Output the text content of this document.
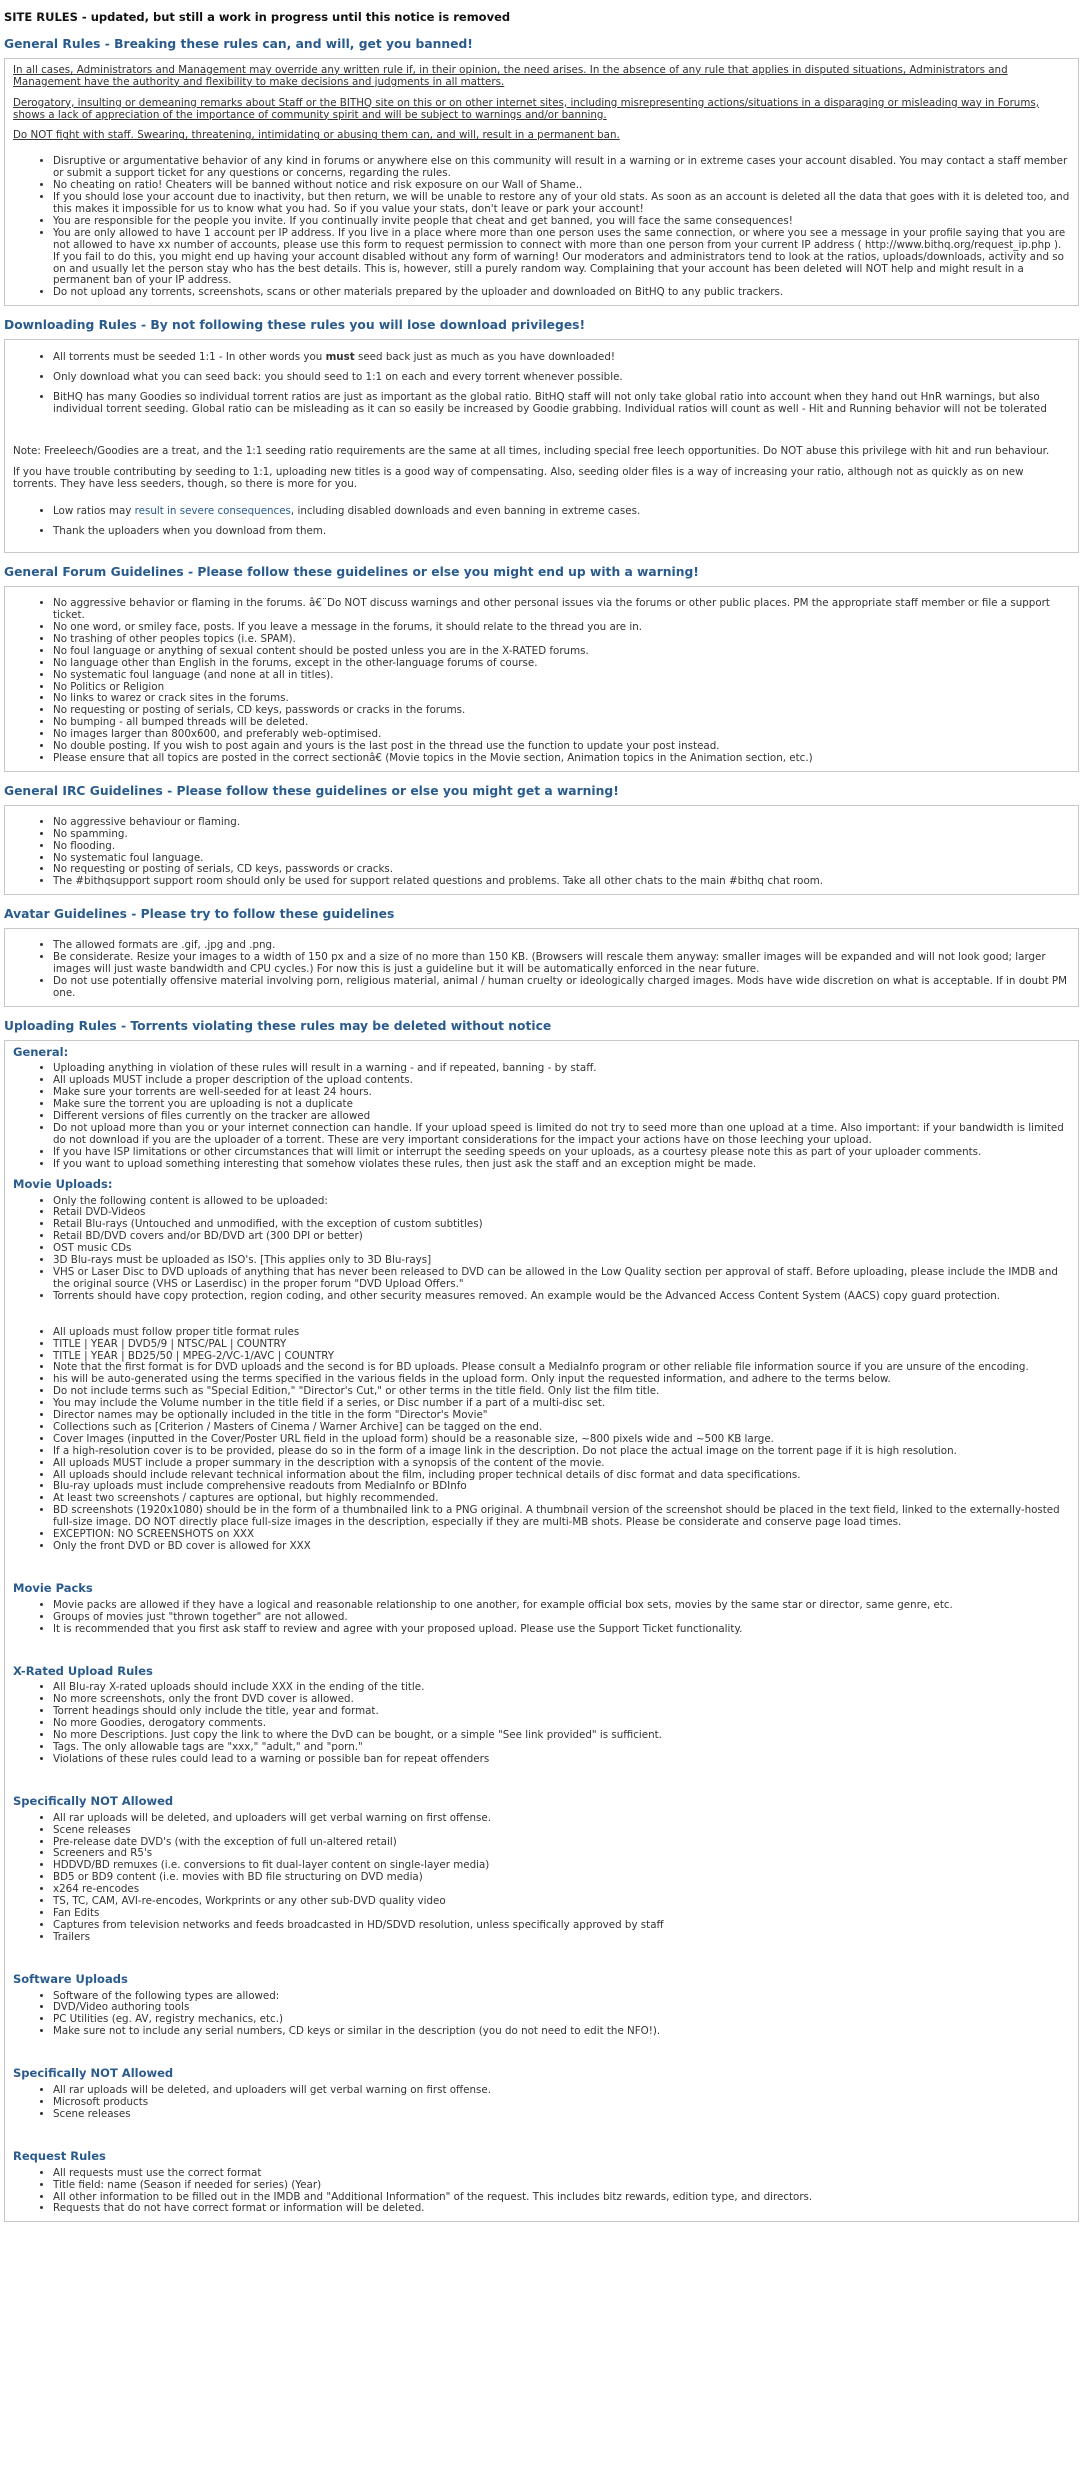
SITE RULES - updated, but still a work in progress until this notice is removed
General Rules - Breaking these rules can, and will, get you banned!

In all cases, Administrators and Management may override any written rule if, in their opinion, the need arises. In the absence of any rule that applies in disputed situations, Administrators and Management have the authority and flexibility to make decisions and judgments in all matters.

Derogatory, insulting or demeaning remarks about Staff or the BITHQ site on this or on other internet sites, including misrepresenting actions/situations in a disparaging or misleading way in Forums, shows a lack of appreciation of the importance of community spirit and will be subject to warnings and/or banning.

Do NOT fight with staff. Swearing, threatening, intimidating or abusing them can, and will, result in a permanent ban.

• Disruptive or argumentative behavior of any kind in forums or anywhere else on this community will result in a warning or in extreme cases your account disabled. You may contact a staff member or submit a support ticket for any questions or concerns, regarding the rules.
• No cheating on ratio! Cheaters will be banned without notice and risk exposure on our Wall of Shame..
• If you should lose your account due to inactivity, but then return, we will be unable to restore any of your old stats. As soon as an account is deleted all the data that goes with it is deleted too, and this makes it impossible for us to know what you had. So if you value your stats, don't leave or park your account!
• You are responsible for the people you invite. If you continually invite people that cheat and get banned, you will face the same consequences!
• You are only allowed to have 1 account per IP address. If you live in a place where more than one person uses the same connection, or where you see a message in your profile saying that you are not allowed to have xx number of accounts, please use this form to request permission to connect with more than one person from your current IP address ( http://www.bithq.org/request_ip.php ). If you fail to do this, you might end up having your account disabled without any form of warning! Our moderators and administrators tend to look at the ratios, uploads/downloads, activity and so on and usually let the person stay who has the best details. This is, however, still a purely random way. Complaining that your account has been deleted will NOT help and might result in a permanent ban of your IP address.
• Do not upload any torrents, screenshots, scans or other materials prepared by the uploader and downloaded on BitHQ to any public trackers.
Downloading Rules - By not following these rules you will lose download privileges!
• All torrents must be seeded 1:1 - In other words you must seed back just as much as you have downloaded!
• Only download what you can seed back: you should seed to 1:1 on each and every torrent whenever possible.
• BitHQ has many Goodies so individual torrent ratios are just as important as the global ratio. BitHQ staff will not only take global ratio into account when they hand out HnR warnings, but also individual torrent seeding. Global ratio can be misleading as it can so easily be increased by Goodie grabbing. Individual ratios will count as well - Hit and Running behavior will not be tolerated

Note: Freeleech/Goodies are a treat, and the 1:1 seeding ratio requirements are the same at all times, including special free leech opportunities. Do NOT abuse this privilege with hit and run behaviour.

If you have trouble contributing by seeding to 1:1, uploading new titles is a good way of compensating. Also, seeding older files is a way of increasing your ratio, although not as quickly as on new torrents. They have less seeders, though, so there is more for you.

• Low ratios may result in severe consequences, including disabled downloads and even banning in extreme cases.
• Thank the uploaders when you download from them.
General Forum Guidelines - Please follow these guidelines or else you might end up with a warning!
• No aggressive behavior or flaming in the forums. â€¨Do NOT discuss warnings and other personal issues via the forums or other public places. PM the appropriate staff member or file a support ticket.
• No one word, or smiley face, posts. If you leave a message in the forums, it should relate to the thread you are in.
• No trashing of other peoples topics (i.e. SPAM).
• No foul language or anything of sexual content should be posted unless you are in the X-RATED forums.
• No language other than English in the forums, except in the other-language forums of course.
• No systematic foul language (and none at all in titles).
• No Politics or Religion
• No links to warez or crack sites in the forums.
• No requesting or posting of serials, CD keys, passwords or cracks in the forums.
• No bumping - all bumped threads will be deleted.
• No images larger than 800x600, and preferably web-optimised.
• No double posting. If you wish to post again and yours is the last post in the thread use the function to update your post instead.
• Please ensure that all topics are posted in the correct sectionâ€ (Movie topics in the Movie section, Animation topics in the Animation section, etc.)
General IRC Guidelines - Please follow these guidelines or else you might get a warning!
• No aggressive behaviour or flaming.
• No spamming.
• No flooding.
• No systematic foul language.
• No requesting or posting of serials, CD keys, passwords or cracks.
• The #bithqsupport support room should only be used for support related questions and problems. Take all other chats to the main #bithq chat room.
Avatar Guidelines - Please try to follow these guidelines
• The allowed formats are .gif, .jpg and .png.
• Be considerate. Resize your images to a width of 150 px and a size of no more than 150 KB. (Browsers will rescale them anyway: smaller images will be expanded and will not look good; larger images will just waste bandwidth and CPU cycles.) For now this is just a guideline but it will be automatically enforced in the near future.
• Do not use potentially offensive material involving porn, religious material, animal / human cruelty or ideologically charged images. Mods have wide discretion on what is acceptable. If in doubt PM one.
Uploading Rules - Torrents violating these rules may be deleted without notice
General:
• Uploading anything in violation of these rules will result in a warning - and if repeated, banning - by staff.
• All uploads MUST include a proper description of the upload contents.
• Make sure your torrents are well-seeded for at least 24 hours.
• Make sure the torrent you are uploading is not a duplicate
• Different versions of files currently on the tracker are allowed
• Do not upload more than you or your internet connection can handle. If your upload speed is limited do not try to seed more than one upload at a time. Also important: if your bandwidth is limited do not download if you are the uploader of a torrent. These are very important considerations for the impact your actions have on those leeching your upload.
• If you have ISP limitations or other circumstances that will limit or interrupt the seeding speeds on your uploads, as a courtesy please note this as part of your uploader comments.
• If you want to upload something interesting that somehow violates these rules, then just ask the staff and an exception might be made.
Movie Uploads:
• Only the following content is allowed to be uploaded:
• Retail DVD-Videos
• Retail Blu-rays (Untouched and unmodified, with the exception of custom subtitles)
• Retail BD/DVD covers and/or BD/DVD art (300 DPI or better)
• OST music CDs
• 3D Blu-rays must be uploaded as ISO's. [This applies only to 3D Blu-rays]
• VHS or Laser Disc to DVD uploads of anything that has never been released to DVD can be allowed in the Low Quality section per approval of staff. Before uploading, please include the IMDB and the original source (VHS or Laserdisc) in the proper forum "DVD Upload Offers."
• Torrents should have copy protection, region coding, and other security measures removed. An example would be the Advanced Access Content System (AACS) copy guard protection.
• All uploads must follow proper title format rules
• TITLE | YEAR | DVD5/9 | NTSC/PAL | COUNTRY
• TITLE | YEAR | BD25/50 | MPEG-2/VC-1/AVC | COUNTRY
• Note that the first format is for DVD uploads and the second is for BD uploads. Please consult a MediaInfo program or other reliable file information source if you are unsure of the encoding.
• his will be auto-generated using the terms specified in the various fields in the upload form. Only input the requested information, and adhere to the terms below.
• Do not include terms such as "Special Edition," "Director's Cut," or other terms in the title field. Only list the film title.
• You may include the Volume number in the title field if a series, or Disc number if a part of a multi-disc set.
• Director names may be optionally included in the title in the form "Director's Movie"
• Collections such as [Criterion / Masters of Cinema / Warner Archive] can be tagged on the end.
• Cover Images (inputted in the Cover/Poster URL field in the upload form) should be a reasonable size, ~800 pixels wide and ~500 KB large.
• If a high-resolution cover is to be provided, please do so in the form of a image link in the description. Do not place the actual image on the torrent page if it is high resolution.
• All uploads MUST include a proper summary in the description with a synopsis of the content of the movie.
• All uploads should include relevant technical information about the film, including proper technical details of disc format and data specifications.
• Blu-ray uploads must include comprehensive readouts from MediaInfo or BDInfo
• At least two screenshots / captures are optional, but highly recommended.
• BD screenshots (1920x1080) should be in the form of a thumbnailed link to a PNG original. A thumbnail version of the screenshot should be placed in the text field, linked to the externally-hosted full-size image. DO NOT directly place full-size images in the description, especially if they are multi-MB shots. Please be considerate and conserve page load times.
• EXCEPTION: NO SCREENSHOTS on XXX
• Only the front DVD or BD cover is allowed for XXX
Movie Packs
• Movie packs are allowed if they have a logical and reasonable relationship to one another, for example official box sets, movies by the same star or director, same genre, etc.
• Groups of movies just "thrown together" are not allowed.
• It is recommended that you first ask staff to review and agree with your proposed upload. Please use the Support Ticket functionality.
X-Rated Upload Rules
• All Blu-ray X-rated uploads should include XXX in the ending of the title.
• No more screenshots, only the front DVD cover is allowed.
• Torrent headings should only include the title, year and format.
• No more Goodies, derogatory comments.
• No more Descriptions. Just copy the link to where the DvD can be bought, or a simple "See link provided" is sufficient.
• Tags. The only allowable tags are "xxx," "adult," and "porn."
• Violations of these rules could lead to a warning or possible ban for repeat offenders
Specifically NOT Allowed
• All rar uploads will be deleted, and uploaders will get verbal warning on first offense.
• Scene releases
• Pre-release date DVD's (with the exception of full un-altered retail)
• Screeners and R5's
• HDDVD/BD remuxes (i.e. conversions to fit dual-layer content on single-layer media)
• BD5 or BD9 content (i.e. movies with BD file structuring on DVD media)
• x264 re-encodes
• TS, TC, CAM, AVI-re-encodes, Workprints or any other sub-DVD quality video
• Fan Edits
• Captures from television networks and feeds broadcasted in HD/SDVD resolution, unless specifically approved by staff
• Trailers
Software Uploads
• Software of the following types are allowed:
• DVD/Video authoring tools
• PC Utilities (eg. AV, registry mechanics, etc.)
• Make sure not to include any serial numbers, CD keys or similar in the description (you do not need to edit the NFO!).
Specifically NOT Allowed
• All rar uploads will be deleted, and uploaders will get verbal warning on first offense.
• Microsoft products
• Scene releases
Request Rules
• All requests must use the correct format
• Title field: name (Season if needed for series) (Year)
• All other information to be filled out in the IMDB and "Additional Information" of the request. This includes bitz rewards, edition type, and directors.
• Requests that do not have correct format or information will be deleted.
